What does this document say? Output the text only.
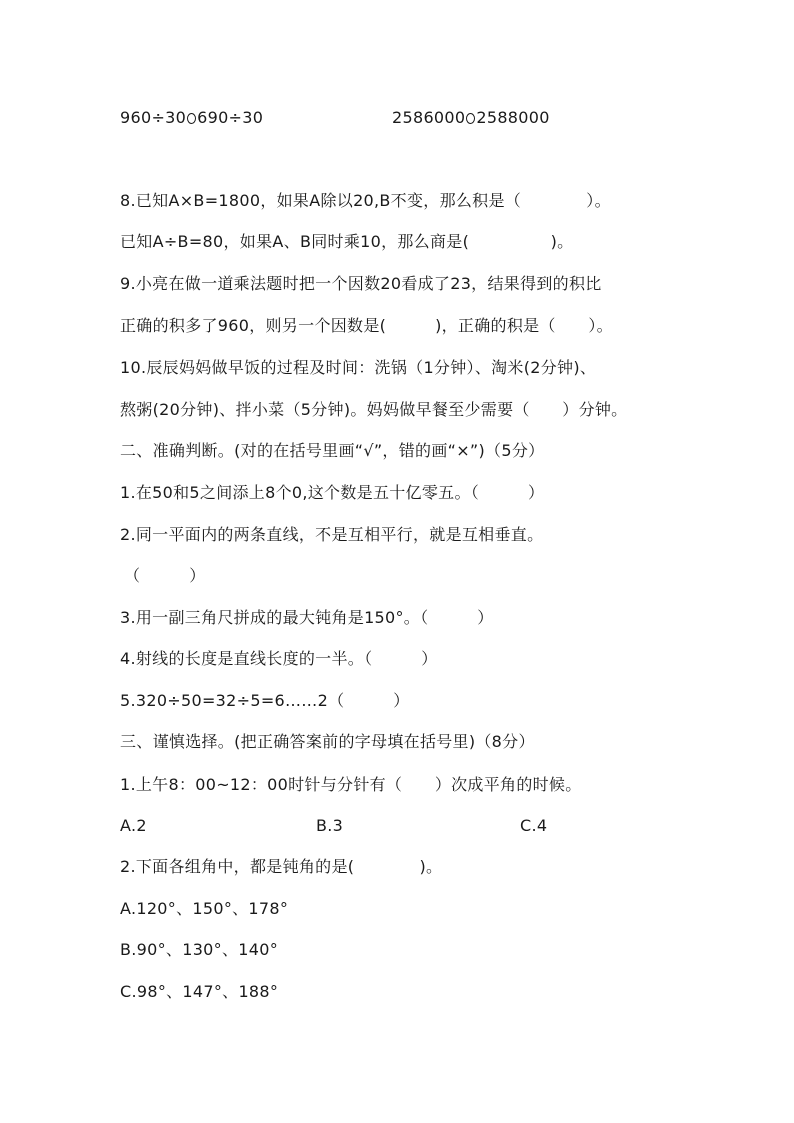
960÷30 690÷30	2586000 2588000
8.已知A×B=1800，如果A除以20,B不变，那么积是（　　　　）。
已知A÷B=80，如果A、B同时乘10，那么商是(　　　　　)。
9.小亮在做一道乘法题时把一个因数20看成了23，结果得到的积比
正确的积多了960，则另一个因数是(　　　)，正确的积是（　　）。
10.辰辰妈妈做早饭的过程及时间：洗锅（1分钟）、淘米(2分钟)、
熬粥(20分钟)、拌小菜（5分钟)。妈妈做早餐至少需要（　　）分钟。
二、准确判断。(对的在括号里画“√”，错的画“×”)（5分）
1.在50和5之间添上8个0,这个数是五十亿零五。（　　　）
2.同一平面内的两条直线，不是互相平行，就是互相垂直。
（　　　）
3.用一副三角尺拼成的最大钝角是150°。（　　　）
4.射线的长度是直线长度的一半。（　　　）
5.320÷50=32÷5=6……2（　　　）
三、谨慎选择。(把正确答案前的字母填在括号里)（8分）
1.上午8：00~12：00时针与分针有（　　）次成平角的时候。
A.2	B.3	C.4
2.下面各组角中，都是钝角的是(　　　　)。
A.120°、150°、178°
B.90°、130°、140°
C.98°、147°、188°
